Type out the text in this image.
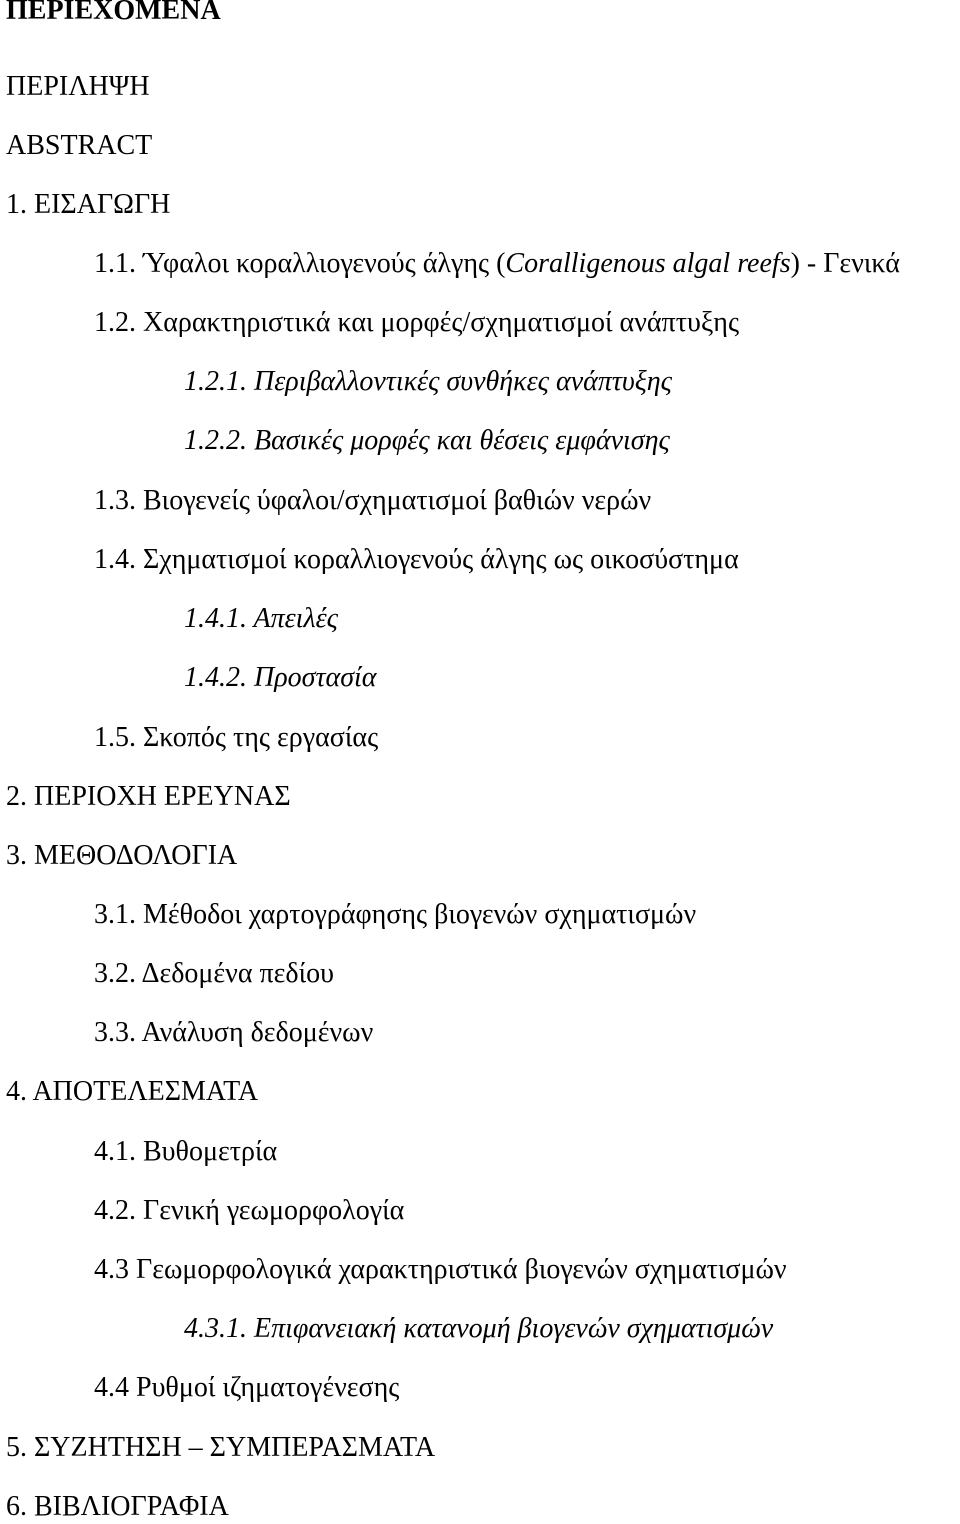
ΠΕΡΙΕΧΟΜΕΝΑ
ΠΕΡΙΛΗΨΗ
ABSTRACT
1. ΕΙΣΑΓΩΓΗ
1.1. Ύφαλοι κοραλλιογενούς άλγης (Coralligenous algal reefs) - Γενικά
1.2. Χαρακτηριστικά και μορφές/σχηματισμοί ανάπτυξης
1.2.1. Περιβαλλοντικές συνθήκες ανάπτυξης
1.2.2. Βασικές μορφές και θέσεις εμφάνισης
1.3. Βιογενείς ύφαλοι/σχηματισμοί βαθιών νερών
1.4. Σχηματισμοί κοραλλιογενούς άλγης ως οικοσύστημα
1.4.1. Απειλές
1.4.2. Προστασία
1.5. Σκοπός της εργασίας
2. ΠΕΡΙΟΧΗ ΕΡΕΥΝΑΣ
3. ΜΕΘΟΔΟΛΟΓΙΑ
3.1. Μέθοδοι χαρτογράφησης βιογενών σχηματισμών
3.2. Δεδομένα πεδίου
3.3. Ανάλυση δεδομένων
4. ΑΠΟΤΕΛΕΣΜΑΤΑ
4.1. Βυθομετρία
4.2. Γενική γεωμορφολογία
4.3 Γεωμορφολογικά χαρακτηριστικά βιογενών σχηματισμών
4.3.1. Επιφανειακή κατανομή βιογενών σχηματισμών
4.4 Ρυθμοί ιζηματογένεσης
5. ΣΥΖΗΤΗΣΗ – ΣΥΜΠΕΡΑΣΜΑΤΑ
6. ΒΙΒΛΙΟΓΡΑΦΙΑ
